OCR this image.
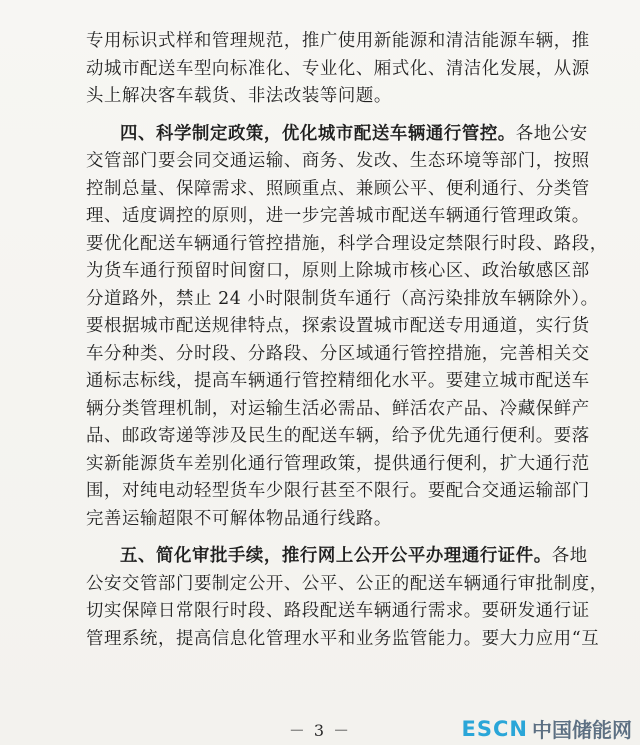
专用标识式样和管理规范，推广使用新能源和清洁能源车辆，推
动城市配送车型向标准化、专业化、厢式化、清洁化发展，从源
头上解决客车载货、非法改装等问题。
四、科学制定政策，优化城市配送车辆通行管控。各地公安
交管部门要会同交通运输、商务、发改、生态环境等部门，按照
控制总量、保障需求、照顾重点、兼顾公平、便利通行、分类管
理、适度调控的原则，进一步完善城市配送车辆通行管理政策。
要优化配送车辆通行管控措施，科学合理设定禁限行时段、路段，
为货车通行预留时间窗口，原则上除城市核心区、政治敏感区部
分道路外，禁止 24 小时限制货车通行（高污染排放车辆除外）。
要根据城市配送规律特点，探索设置城市配送专用通道，实行货
车分种类、分时段、分路段、分区域通行管控措施，完善相关交
通标志标线，提高车辆通行管控精细化水平。要建立城市配送车
辆分类管理机制，对运输生活必需品、鲜活农产品、冷藏保鲜产
品、邮政寄递等涉及民生的配送车辆，给予优先通行便利。要落
实新能源货车差别化通行管理政策，提供通行便利，扩大通行范
围，对纯电动轻型货车少限行甚至不限行。要配合交通运输部门
完善运输超限不可解体物品通行线路。
五、简化审批手续，推行网上公开公平办理通行证件。各地
公安交管部门要制定公开、公平、公正的配送车辆通行审批制度，
切实保障日常限行时段、路段配送车辆通行需求。要研发通行证
管理系统，提高信息化管理水平和业务监管能力。要大力应用“互
－ 3 －	ESCN 中国储能网
